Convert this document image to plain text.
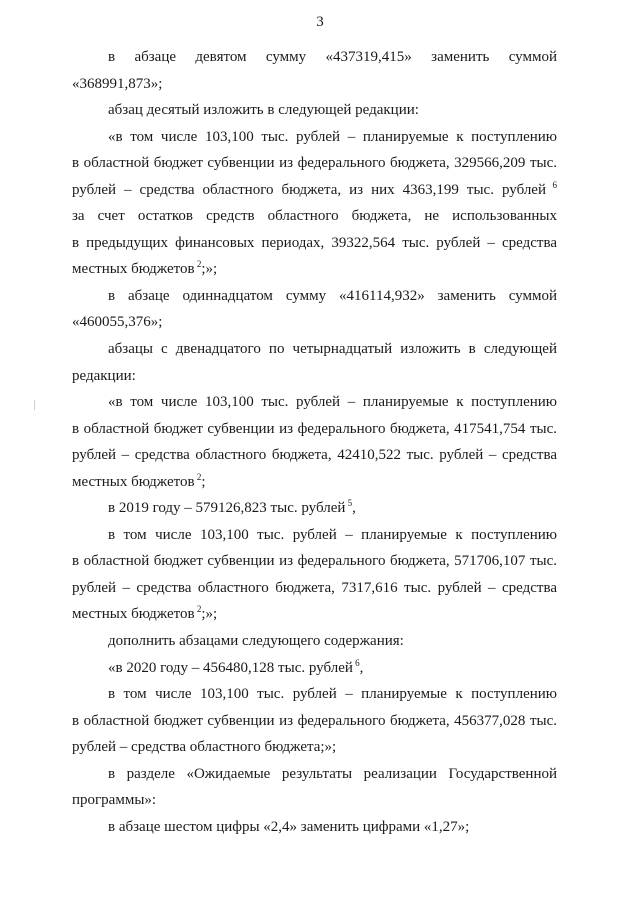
3
в абзаце девятом сумму «437319,415» заменить суммой
«368991,873»;
абзац десятый изложить в следующей редакции:
«в том числе 103,100 тыс. рублей – планируемые к поступлению
в областной бюджет субвенции из федерального бюджета, 329566,209 тыс.
рублей – средства областного бюджета, из них 4363,199 тыс. рублей $^6$
за счет остатков средств областного бюджета, не использованных
в предыдущих финансовых периодах, 39322,564 тыс. рублей – средства
местных бюджетов $^2$;»;
в абзаце одиннадцатом сумму «416114,932» заменить суммой
«460055,376»;
абзацы с двенадцатого по четырнадцатый изложить в следующей
редакции:
«в том числе 103,100 тыс. рублей – планируемые к поступлению
в областной бюджет субвенции из федерального бюджета, 417541,754 тыс.
рублей – средства областного бюджета, 42410,522 тыс. рублей – средства
местных бюджетов $^2$;
в 2019 году – 579126,823 тыс. рублей $^5$,
в том числе 103,100 тыс. рублей – планируемые к поступлению
в областной бюджет субвенции из федерального бюджета, 571706,107 тыс.
рублей – средства областного бюджета, 7317,616 тыс. рублей – средства
местных бюджетов $^2$;»;
дополнить абзацами следующего содержания:
«в 2020 году – 456480,128 тыс. рублей $^6$,
в том числе 103,100 тыс. рублей – планируемые к поступлению
в областной бюджет субвенции из федерального бюджета, 456377,028 тыс.
рублей – средства областного бюджета;»;
в разделе «Ожидаемые результаты реализации Государственной
программы»:
в абзаце шестом цифры «2,4» заменить цифрами «1,27»;
